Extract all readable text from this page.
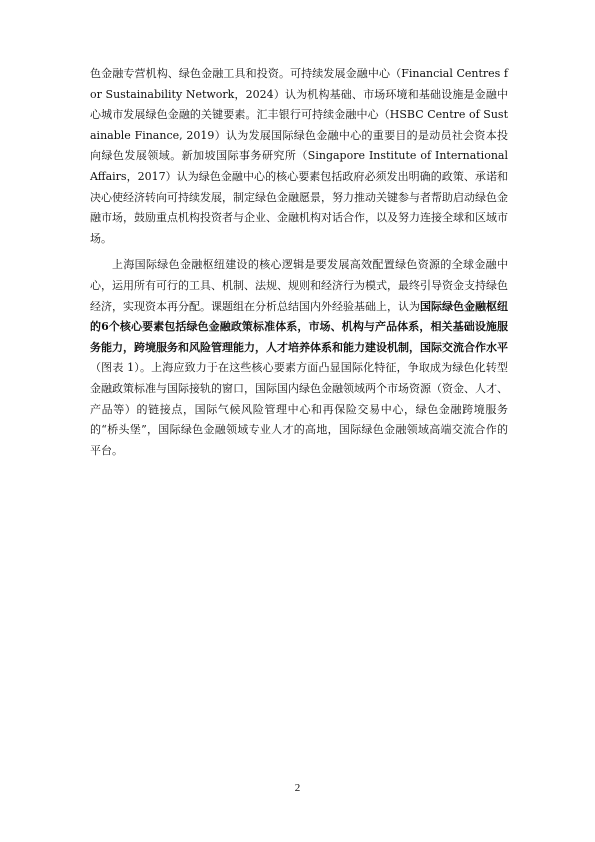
色金融专营机构、绿色金融工具和投资。可持续发展金融中心（Financial Centres for Sustainability Network，2024）认为机构基础、市场环境和基础设施是金融中心城市发展绿色金融的关键要素。汇丰银行可持续金融中心（HSBC Centre of Sustainable Finance, 2019）认为发展国际绿色金融中心的重要目的是动员社会资本投向绿色发展领域。新加坡国际事务研究所（Singapore Institute of International Affairs，2017）认为绿色金融中心的核心要素包括政府必须发出明确的政策、承诺和决心使经济转向可持续发展，制定绿色金融愿景，努力推动关键参与者帮助启动绿色金融市场，鼓励重点机构投资者与企业、金融机构对话合作，以及努力连接全球和区域市场。

上海国际绿色金融枢纽建设的核心逻辑是要发展高效配置绿色资源的全球金融中心，运用所有可行的工具、机制、法规、规则和经济行为模式，最终引导资金支持绿色经济，实现资本再分配。课题组在分析总结国内外经验基础上，认为国际绿色金融枢纽的6个核心要素包括绿色金融政策标准体系，市场、机构与产品体系，相关基础设施服务能力，跨境服务和风险管理能力，人才培养体系和能力建设机制，国际交流合作水平（图表 1）。上海应致力于在这些核心要素方面凸显国际化特征，争取成为绿色化转型金融政策标准与国际接轨的窗口，国际国内绿色金融领域两个市场资源（资金、人才、产品等）的链接点，国际气候风险管理中心和再保险交易中心，绿色金融跨境服务的“桥头堡”，国际绿色金融领域专业人才的高地，国际绿色金融领域高端交流合作的平台。

2
